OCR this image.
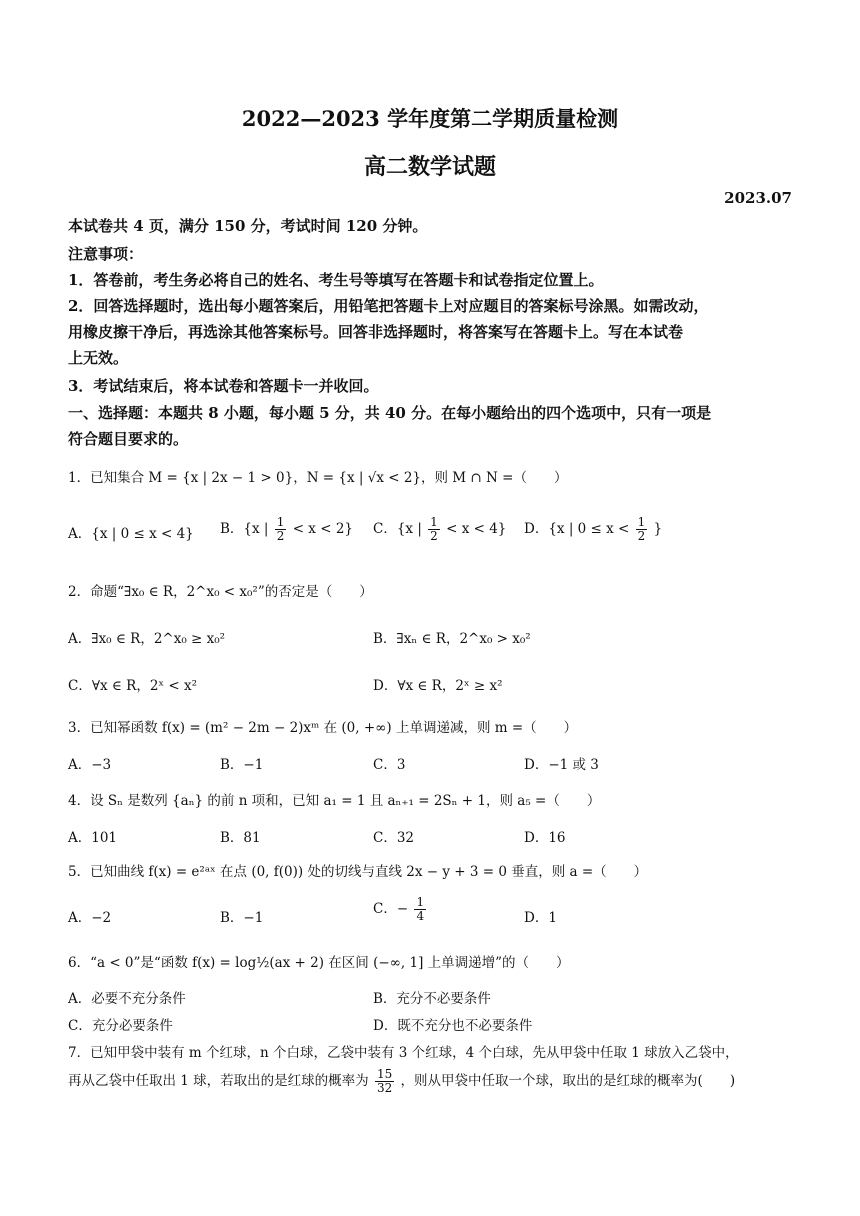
2022—2023 学年度第二学期质量检测
高二数学试题
2023.07
本试卷共 4 页，满分 150 分，考试时间 120 分钟。
注意事项：
1．答卷前，考生务必将自己的姓名、考生号等填写在答题卡和试卷指定位置上。
2．回答选择题时，选出每小题答案后，用铅笔把答题卡上对应题目的答案标号涂黑。如需改动，
用橡皮擦干净后，再选涂其他答案标号。回答非选择题时，将答案写在答题卡上。写在本试卷
上无效。
3．考试结束后，将本试卷和答题卡一并收回。
一、选择题：本题共 8 小题，每小题 5 分，共 40 分。在每小题给出的四个选项中，只有一项是
符合题目要求的。
1．已知集合 M = {x | 2x − 1 > 0}，N = {x | √x < 2}，则 M ∩ N =（　　）
A．{x | 0 ≤ x < 4} B．{x | $\frac{1}{2} < x < 2$} C．{x | $\frac{1}{2} < x < 4$} D．{x | $0 \le x < \frac{1}{2}$ }
2．命题“∃x₀ ∈ R，2^x₀ < x₀²”的否定是（　　）
A．∃x₀ ∈ R，2^x₀ ≥ x₀²	B．∃xₙ ∈ R，2^x₀ > x₀²
C．∀x ∈ R，2ˣ < x²	D．∀x ∈ R，2ˣ ≥ x²
3．已知幂函数 f(x) = (m² − 2m − 2)xᵐ 在 (0, +∞) 上单调递减，则 m =（　　）
A．−3	B．−1	C．3	D．−1 或 3
4．设 Sₙ 是数列 {aₙ} 的前 n 项和，已知 a₁ = 1 且 aₙ₊₁ = 2Sₙ + 1，则 a₅ =（　　）
A．101	B．81	C．32	D．16
5．已知曲线 f(x) = e²ᵃˣ 在点 (0, f(0)) 处的切线与直线 2x − y + 3 = 0 垂直，则 a =（　　）
A．−2	B．−1
C．− $\frac{1}{4}$	D．1
6．“a < 0”是“函数 f(x) = log½(ax + 2) 在区间 (−∞, 1] 上单调递增”的（　　）
A．必要不充分条件	B．充分不必要条件
C．充分必要条件	D．既不充分也不必要条件
7．已知甲袋中装有 m 个红球，n 个白球，乙袋中装有 3 个红球，4 个白球，先从甲袋中任取 1 球放入乙袋中，
再从乙袋中任取出 1 球，若取出的是红球的概率为 $\frac{15}{32}$ ，则从甲袋中任取一个球，取出的是红球的概率为(　　)
